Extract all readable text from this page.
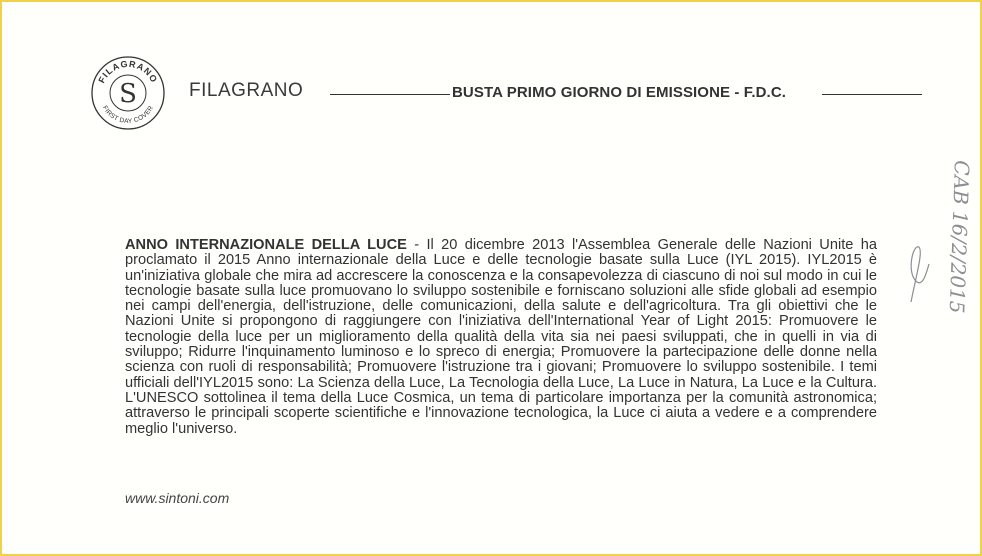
FILAGRANO
FIRST DAY COVER
S	FILAGRANO	BUSTA PRIMO GIORNO DI EMISSIONE - F.D.C.
ANNO INTERNAZIONALE DELLA LUCE - Il 20 dicembre 2013 l'Assemblea Generale delle Nazioni Unite ha proclamato il 2015 Anno internazionale della Luce e delle tecnologie basate sulla Luce (IYL 2015). IYL2015 è un'iniziativa globale che mira ad accrescere la conoscenza e la consapevolezza di ciascuno di noi sul modo in cui le tecnologie basate sulla luce promuovano lo sviluppo sostenibile e forniscano soluzioni alle sfide globali ad esempio nei campi dell'energia, dell'istruzione, delle comunicazioni, della salute e dell'agricoltura. Tra gli obiettivi che le Nazioni Unite si propongono di raggiungere con l'iniziativa dell'International Year of Light 2015: Promuovere le tecnologie della luce per un miglioramento della qualità della vita sia nei paesi sviluppati, che in quelli in via di sviluppo; Ridurre l'inquinamento luminoso e lo spreco di energia; Promuovere la partecipazione delle donne nella scienza con ruoli di responsabilità; Promuovere l'istruzione tra i giovani; Promuovere lo sviluppo sostenibile. I temi ufficiali dell'IYL2015 sono: La Scienza della Luce, La Tecnologia della Luce, La Luce in Natura, La Luce e la Cultura. L'UNESCO sottolinea il tema della Luce Cosmica, un tema di particolare importanza per la comunità astronomica; attraverso le principali scoperte scientifiche e l'innovazione tecnologica, la Luce ci aiuta a vedere e a comprendere meglio l'universo.
www.sintoni.com
CAB 16/2/2015
